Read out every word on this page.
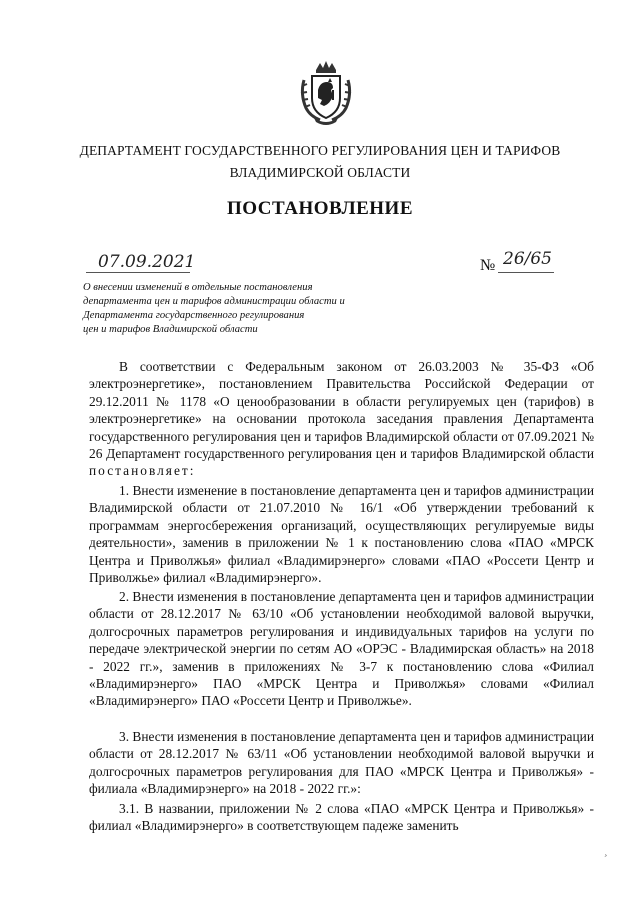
ДЕПАРТАМЕНТ ГОСУДАРСТВЕННОГО РЕГУЛИРОВАНИЯ ЦЕН И ТАРИФОВ
ВЛАДИМИРСКОЙ ОБЛАСТИ
ПОСТАНОВЛЕНИЕ
07.09.2021	№ 26/65
О внесении изменений в отдельные постановления
департамента цен и тарифов администрации области и
Департамента государственного регулирования
цен и тарифов Владимирской области
В соответствии с Федеральным законом от 26.03.2003 № 35-ФЗ «Об электроэнергетике», постановлением Правительства Российской Федерации от 29.12.2011 № 1178 «О ценообразовании в области регулируемых цен (тарифов) в электроэнергетике» на основании протокола заседания правления Департамента государственного регулирования цен и тарифов Владимирской области от 07.09.2021 № 26 Департамент государственного регулирования цен и тарифов Владимирской области постановляет:
1. Внести изменение в постановление департамента цен и тарифов администрации Владимирской области от 21.07.2010 № 16/1 «Об утверждении требований к программам энергосбережения организаций, осуществляющих регулируемые виды деятельности», заменив в приложении № 1 к постановлению слова «ПАО «МРСК Центра и Приволжья» филиал «Владимирэнерго» словами «ПАО «Россети Центр и Приволжье» филиал «Владимирэнерго».
2. Внести изменения в постановление департамента цен и тарифов администрации области от 28.12.2017 № 63/10 «Об установлении необходимой валовой выручки, долгосрочных параметров регулирования и индивидуальных тарифов на услуги по передаче электрической энергии по сетям АО «ОРЭС - Владимирская область» на 2018 - 2022 гг.», заменив в приложениях № 3-7 к постановлению слова «Филиал «Владимирэнерго» ПАО «МРСК Центра и Приволжья» словами «Филиал «Владимирэнерго» ПАО «Россети Центр и Приволжье».
3. Внести изменения в постановление департамента цен и тарифов администрации области от 28.12.2017 № 63/11 «Об установлении необходимой валовой выручки и долгосрочных параметров регулирования для ПАО «МРСК Центра и Приволжья» - филиала «Владимирэнерго» на 2018 - 2022 гг.»:
3.1. В названии, приложении № 2 слова «ПАО «МРСК Центра и Приволжья» - филиал «Владимирэнерго» в соответствующем падеже заменить
¸
